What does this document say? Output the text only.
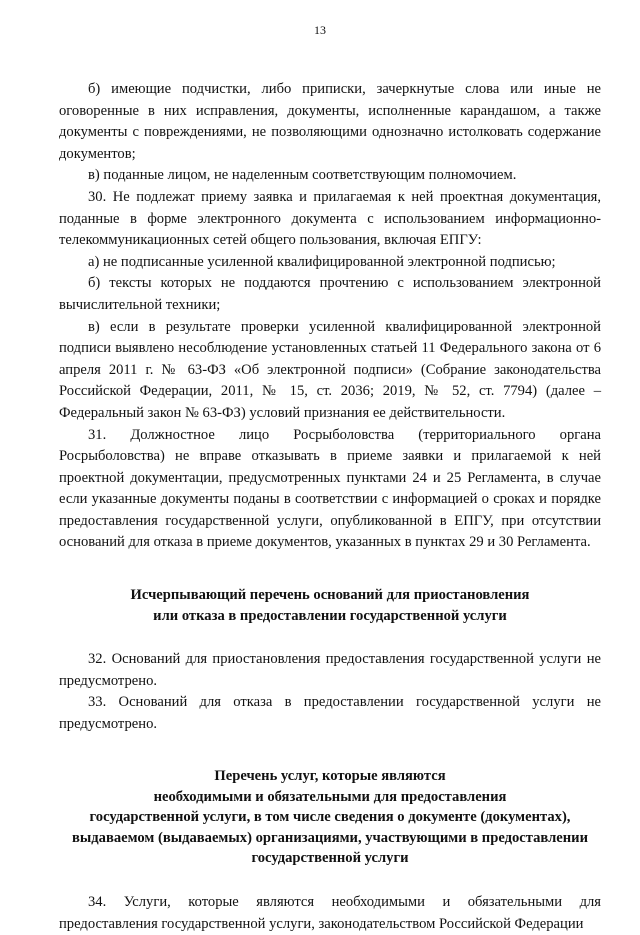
13

б) имеющие подчистки, либо приписки, зачеркнутые слова или иные не оговоренные в них исправления, документы, исполненные карандашом, а также документы с повреждениями, не позволяющими однозначно истолковать содержание документов;

в) поданные лицом, не наделенным соответствующим полномочием.

30. Не подлежат приему заявка и прилагаемая к ней проектная документация, поданные в форме электронного документа с использованием информационно-телекоммуникационных сетей общего пользования, включая ЕПГУ:

а) не подписанные усиленной квалифицированной электронной подписью;

б) тексты которых не поддаются прочтению с использованием электронной вычислительной техники;

в) если в результате проверки усиленной квалифицированной электронной подписи выявлено несоблюдение установленных статьей 11 Федерального закона от 6 апреля 2011 г. № 63-ФЗ «Об электронной подписи» (Собрание законодательства Российской Федерации, 2011, № 15, ст. 2036; 2019, № 52, ст. 7794) (далее – Федеральный закон № 63-ФЗ) условий признания ее действительности.

31. Должностное лицо Росрыболовства (территориального органа Росрыболовства) не вправе отказывать в приеме заявки и прилагаемой к ней проектной документации, предусмотренных пунктами 24 и 25 Регламента, в случае если указанные документы поданы в соответствии с информацией о сроках и порядке предоставления государственной услуги, опубликованной в ЕПГУ, при отсутствии оснований для отказа в приеме документов, указанных в пунктах 29 и 30 Регламента.

Исчерпывающий перечень оснований для приостановления
или отказа в предоставлении государственной услуги

32. Оснований для приостановления предоставления государственной услуги не предусмотрено.

33. Оснований для отказа в предоставлении государственной услуги не предусмотрено.

Перечень услуг, которые являются
необходимыми и обязательными для предоставления
государственной услуги, в том числе сведения о документе (документах),
выдаваемом (выдаваемых) организациями, участвующими в предоставлении
государственной услуги

34. Услуги, которые являются необходимыми и обязательными для предоставления государственной услуги, законодательством Российской Федерации
